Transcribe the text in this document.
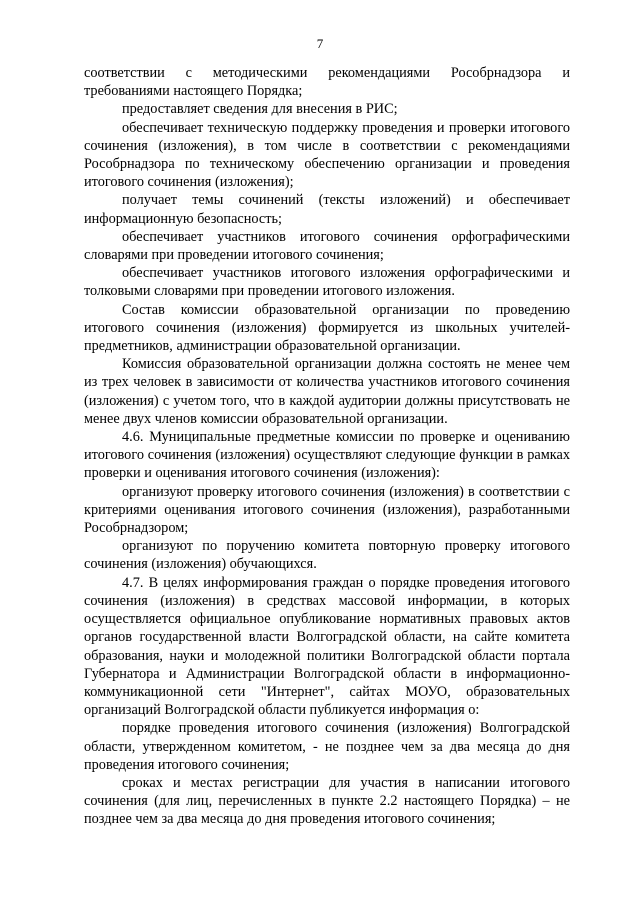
7

соответствии с методическими рекомендациями Рособрнадзора и требованиями настоящего Порядка;

предоставляет сведения для внесения в РИС;

обеспечивает техническую поддержку проведения и проверки итогового сочинения (изложения), в том числе в соответствии с рекомендациями Рособрнадзора по техническому обеспечению организации и проведения итогового сочинения (изложения);

получает темы сочинений (тексты изложений) и обеспечивает информационную безопасность;

обеспечивает участников итогового сочинения орфографическими словарями при проведении итогового сочинения;

обеспечивает участников итогового изложения орфографическими и толковыми словарями при проведении итогового изложения.

Состав комиссии образовательной организации по проведению итогового сочинения (изложения) формируется из школьных учителей-предметников, администрации образовательной организации.

Комиссия образовательной организации должна состоять не менее чем из трех человек в зависимости от количества участников итогового сочинения (изложения) с учетом того, что в каждой аудитории должны присутствовать не менее двух членов комиссии образовательной организации.

4.6. Муниципальные предметные комиссии по проверке и оцениванию итогового сочинения (изложения) осуществляют следующие функции в рамках проверки и оценивания итогового сочинения (изложения):

организуют проверку итогового сочинения (изложения) в соответствии с критериями оценивания итогового сочинения (изложения), разработанными Рособрнадзором;

организуют по поручению комитета повторную проверку итогового сочинения (изложения) обучающихся.

4.7. В целях информирования граждан о порядке проведения итогового сочинения (изложения) в средствах массовой информации, в которых осуществляется официальное опубликование нормативных правовых актов органов государственной власти Волгоградской области, на сайте комитета образования, науки и молодежной политики Волгоградской области портала Губернатора и Администрации Волгоградской области в информационно-коммуникационной сети "Интернет", сайтах МОУО, образовательных организаций Волгоградской области публикуется информация о:

порядке проведения итогового сочинения (изложения) Волгоградской области, утвержденном комитетом, - не позднее чем за два месяца до дня проведения итогового сочинения;

сроках и местах регистрации для участия в написании итогового сочинения (для лиц, перечисленных в пункте 2.2 настоящего Порядка) – не позднее чем за два месяца до дня проведения итогового сочинения;
